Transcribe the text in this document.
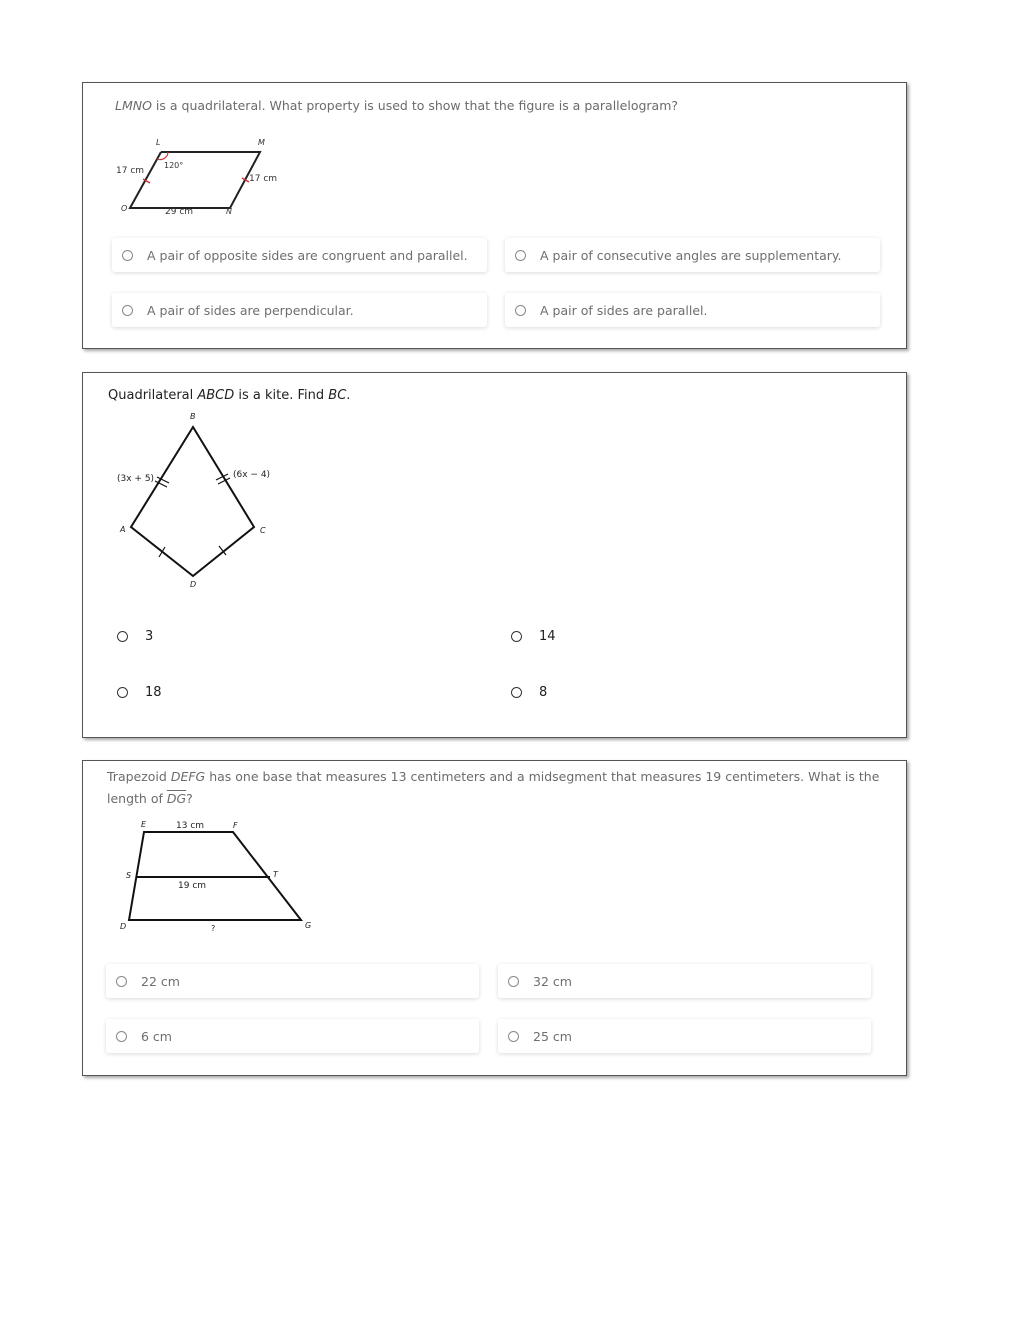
LMNO is a quadrilateral. What property is used to show that the figure is a parallelogram?
L	M
N
O
17 cm
17 cm
120°
29 cm
A pair of opposite sides are congruent and parallel.	A pair of consecutive angles are supplementary.
A pair of sides are perpendicular.	A pair of sides are parallel.
Quadrilateral ABCD is a kite. Find BC.
B
C
D
A
(3x + 5)	(6x − 4)
3	14
18	8
Trapezoid DEFG has one base that measures 13 centimeters and a midsegment that measures 19 centimeters. What is the
length of $\overline{DG}$?
E	F
S	T
D	G
13 cm
19 cm
?
22 cm	32 cm
6 cm	25 cm
